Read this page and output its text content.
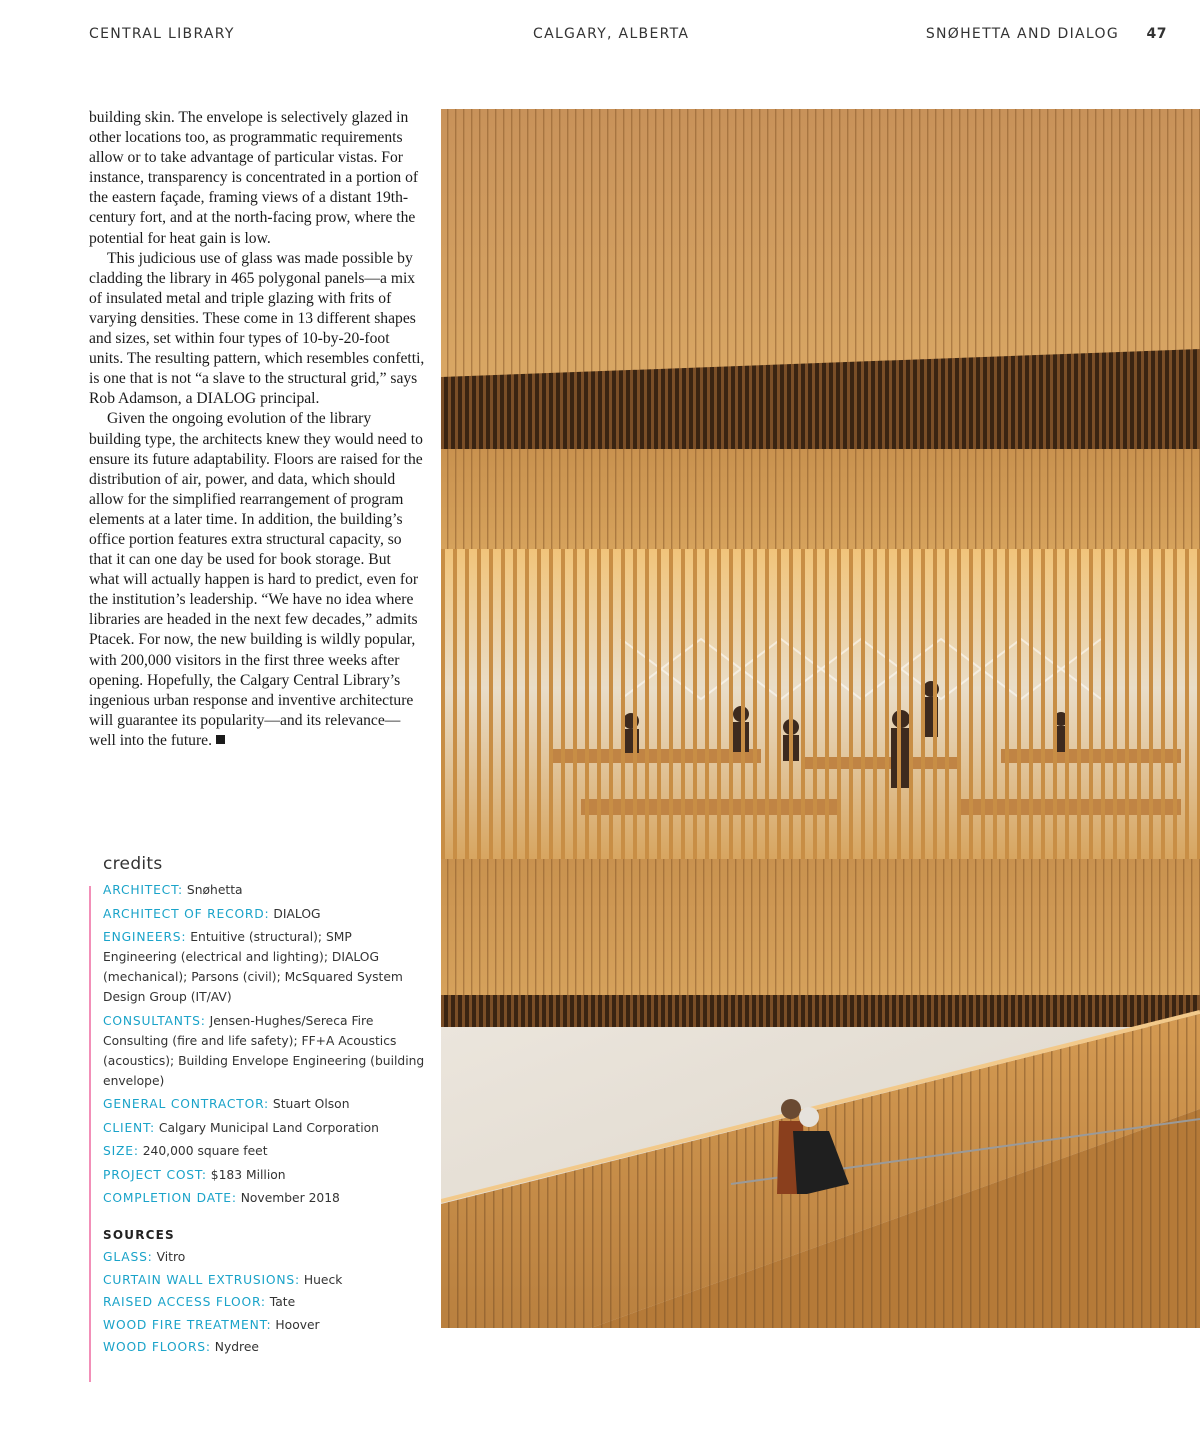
CENTRAL LIBRARY	CALGARY, ALBERTA	SNØHETTA AND DIALOG 47

building skin. The envelope is selectively glazed in other locations too, as programmatic requirements allow or to take advantage of particular vistas. For instance, transparency is concentrated in a portion of the eastern façade, framing views of a distant 19th-century fort, and at the north-facing prow, where the potential for heat gain is low.

This judicious use of glass was made possible by cladding the library in 465 polygonal panels—a mix of insulated metal and triple glazing with frits of varying densities. These come in 13 different shapes and sizes, set within four types of 10-by-20-foot units. The resulting pattern, which resembles confetti, is one that is not “a slave to the structural grid,” says Rob Adamson, a DIALOG principal.

Given the ongoing evolution of the library building type, the architects knew they would need to ensure its future adaptability. Floors are raised for the distribution of air, power, and data, which should allow for the simplified rearrangement of program elements at a later time. In addition, the building’s office portion features extra structural capacity, so that it can one day be used for book storage. But what will actually happen is hard to predict, even for the institution’s leadership. “We have no idea where libraries are headed in the next few decades,” admits Ptacek. For now, the new building is wildly popular, with 200,000 visitors in the first three weeks after opening. Hopefully, the Calgary Central Library’s ingenious urban response and inventive architecture will guarantee its popularity—and its relevance—well into the future.

credits
ARCHITECT: Snøhetta
ARCHITECT OF RECORD: DIALOG
ENGINEERS: Entuitive (structural); SMP Engineering (electrical and lighting); DIALOG (mechanical); Parsons (civil); McSquared System Design Group (IT/AV)
CONSULTANTS: Jensen-Hughes/Sereca Fire Consulting (fire and life safety); FF+A Acoustics (acoustics); Building Envelope Engineering (building envelope)
GENERAL CONTRACTOR: Stuart Olson
CLIENT: Calgary Municipal Land Corporation
SIZE: 240,000 square feet
PROJECT COST: $183 Million
COMPLETION DATE: November 2018
SOURCES
GLASS: Vitro
CURTAIN WALL EXTRUSIONS: Hueck
RAISED ACCESS FLOOR: Tate
WOOD FIRE TREATMENT: Hoover
WOOD FLOORS: Nydree
